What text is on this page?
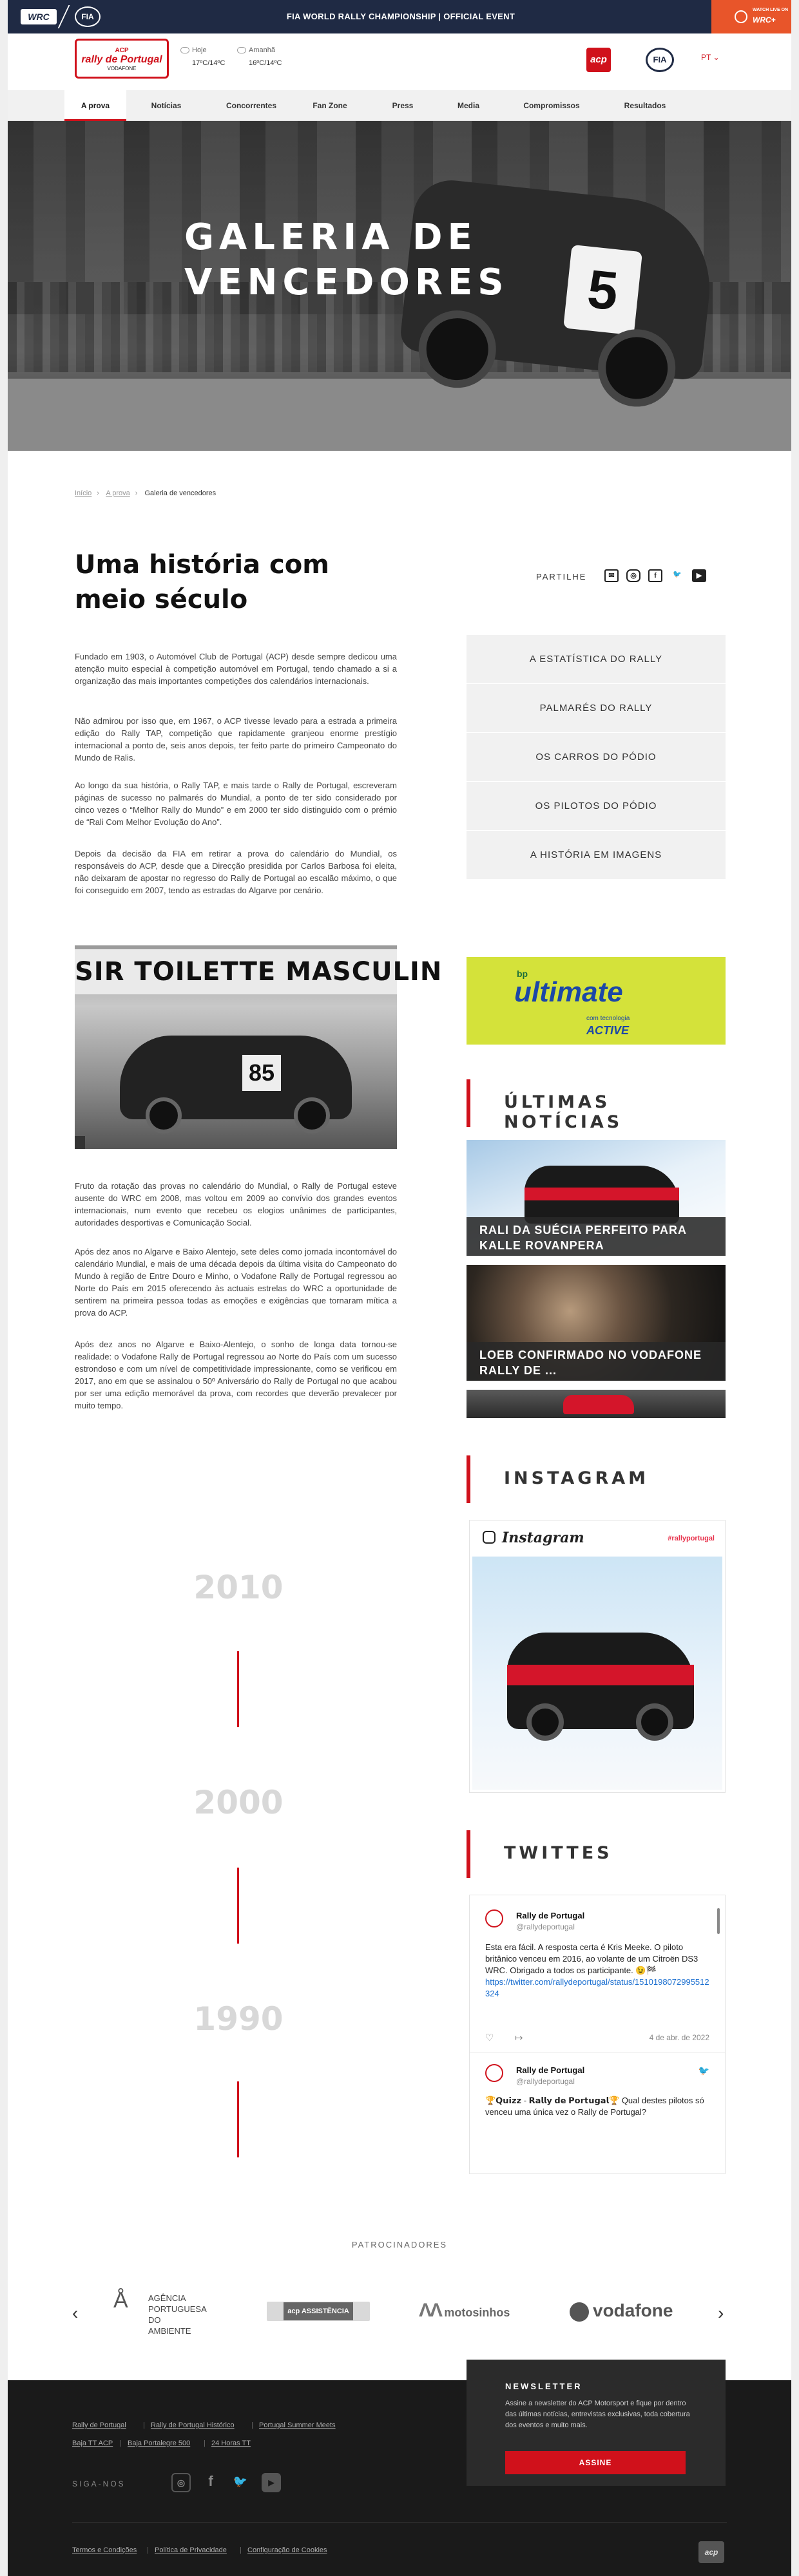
WRC	FIA	FIA WORLD RALLY CHAMPIONSHIP | OFFICIAL EVENT
WATCH LIVE ON
WRC+
ACP
rally de Portugal
VODAFONE
Hoje
17ºC/14ºC
Amanhã
16ºC/14ºC	acp	FIA	PT ⌄
A prova	Notícias	Concorrentes	Fan Zone	Press	Media	Compromissos	Resultados
5
GALERIA DE
VENCEDORES
Início › A prova › Galeria de vencedores
Uma história com meio século
Fundado em 1903, o Automóvel Club de Portugal (ACP) desde sempre dedicou uma atenção muito especial à competição automóvel em Portugal, tendo chamado a si a organização das mais importantes competições dos calendários internacionais.
Não admirou por isso que, em 1967, o ACP tivesse levado para a estrada a primeira edição do Rally TAP, competição que rapidamente granjeou enorme prestígio internacional a ponto de, seis anos depois, ter feito parte do primeiro Campeonato do Mundo de Ralis.
Ao longo da sua história, o Rally TAP, e mais tarde o Rally de Portugal, escreveram páginas de sucesso no palmarés do Mundial, a ponto de ter sido considerado por cinco vezes o “Melhor Rally do Mundo” e em 2000 ter sido distinguido com o prémio de “Rali Com Melhor Evolução do Ano”.
Depois da decisão da FIA em retirar a prova do calendário do Mundial, os responsáveis do ACP, desde que a Direcção presidida por Carlos Barbosa foi eleita, não deixaram de apostar no regresso do Rally de Portugal ao escalão máximo, o que foi conseguido em 2007, tendo as estradas do Algarve por cenário.
SIR TOILETTE MASCULIN
85
Fruto da rotação das provas no calendário do Mundial, o Rally de Portugal esteve ausente do WRC em 2008, mas voltou em 2009 ao convívio dos grandes eventos internacionais, num evento que recebeu os elogios unânimes de participantes, autoridades desportivas e Comunicação Social.
Após dez anos no Algarve e Baixo Alentejo, sete deles como jornada incontornável do calendário Mundial, e mais de uma década depois da última visita do Campeonato do Mundo à região de Entre Douro e Minho, o Vodafone Rally de Portugal regressou ao Norte do País em 2015 oferecendo às actuais estrelas do WRC a oportunidade de sentirem na primeira pessoa todas as emoções e exigências que tornaram mítica a prova do ACP.
Após dez anos no Algarve e Baixo-Alentejo, o sonho de longa data tornou-se realidade: o Vodafone Rally de Portugal regressou ao Norte do País com um sucesso estrondoso e com um nível de competitividade impressionante, como se verificou em 2017, ano em que se assinalou o 50º Aniversário do Rally de Portugal no que acabou por ser uma edição memorável da prova, com recordes que deverão prevalecer por muito tempo.
PARTILHE	✉	◎	f	🐦	▶
A ESTATÍSTICA DO RALLY
PALMARÉS DO RALLY
OS CARROS DO PÓDIO
OS PILOTOS DO PÓDIO
A HISTÓRIA EM IMAGENS
bp
ultimate
com tecnologia
ACTIVE
ÚLTIMAS NOTÍCIAS
RALI DA SUÉCIA PERFEITO PARA KALLE ROVANPERA
LOEB CONFIRMADO NO VODAFONE RALLY DE ...
INSTAGRAM
Instagram	#rallyportugal
TWITTES
Rally de Portugal
@rallydeportugal
Esta era fácil. A resposta certa é Kris Meeke. O piloto britânico venceu em 2016, ao volante de um Citroën DS3 WRC. Obrigado a todos os participante. 😉🏁
https://twitter.com/rallydeportugal/status/1510198072995512324
♡ ↦	4 de abr. de 2022
Rally de Portugal
@rallydeportugal
🐦
🏆𝗤𝘂𝗶𝘇𝘇 - 𝗥𝗮𝗹𝗹𝘆 𝗱𝗲 𝗣𝗼𝗿𝘁𝘂𝗴𝗮𝗹🏆 Qual destes pilotos só venceu uma única vez o Rally de Portugal?
2010
2000
1990
PATROCINADORES
‹
Å AGÊNCIA PORTUGUESA DO AMBIENTE
acp ASSISTÊNCIA	ΛΛ motosinhos	vodafone	›
Rally de Portugal | Rally de Portugal Histórico | Portugal Summer Meets
Baja TT ACP | Baja Portalegre 500 | 24 Horas TT
SIGA-NOS	◎	f	🐦	▶
Termos e Condições | Política de Privacidade | Configuração de Cookies	acp
NEWSLETTER
Assine a newsletter do ACP Motorsport e fique por dentro das últimas notícias, entrevistas exclusivas, toda cobertura dos eventos e muito mais.
ASSINE
